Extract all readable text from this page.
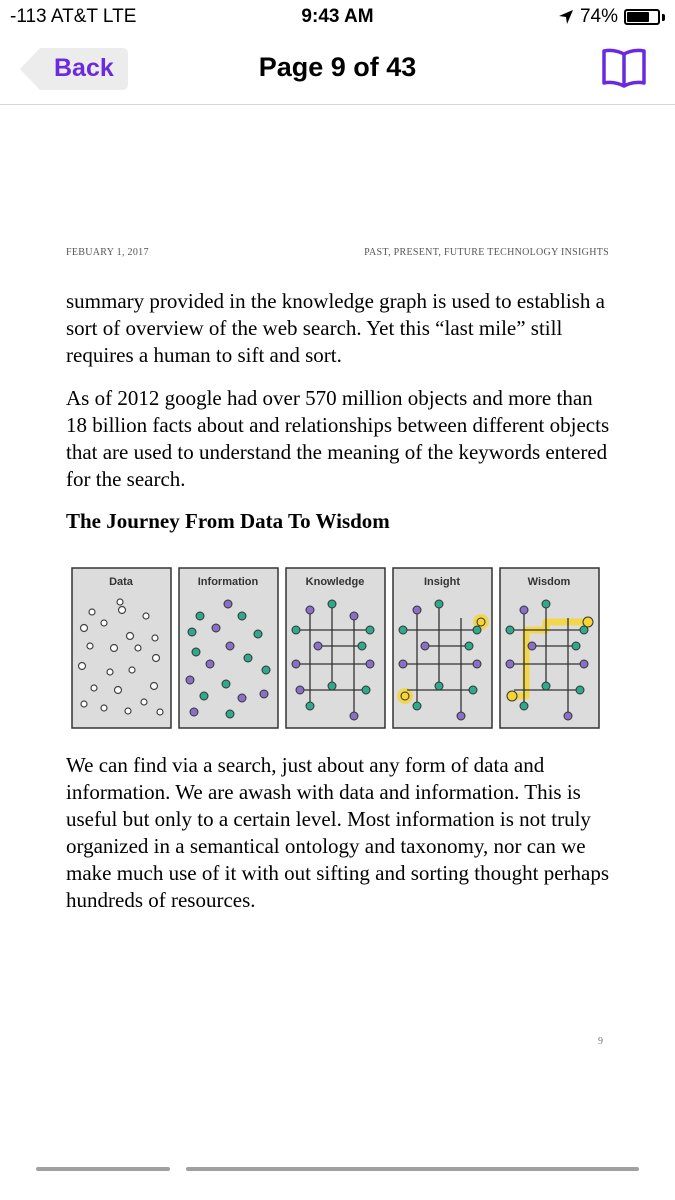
-113 AT&T LTE	9:43 AM	74%
Back	Page 9 of 43
FEBUARY 1, 2017	PAST, PRESENT, FUTURE TECHNOLOGY INSIGHTS

summary provided in the knowledge graph is used to establish a sort of overview of the web search. Yet this “last mile” still requires a human to sift and sort.

As of 2012 google had over 570 million objects and more than 18 billion facts about and relationships between different objects that are used to understand the meaning of the keywords entered for the search.

The Journey From Data To Wisdom

Data	Information	Knowledge	Insight	Wisdom

We can find via a search, just about any form of data and information. We are awash with data and information. This is useful but only to a certain level. Most information is not truly organized in a semantical ontology and taxonomy, nor can we make much use of it with out sifting and sorting thought perhaps hundreds of resources.

9
